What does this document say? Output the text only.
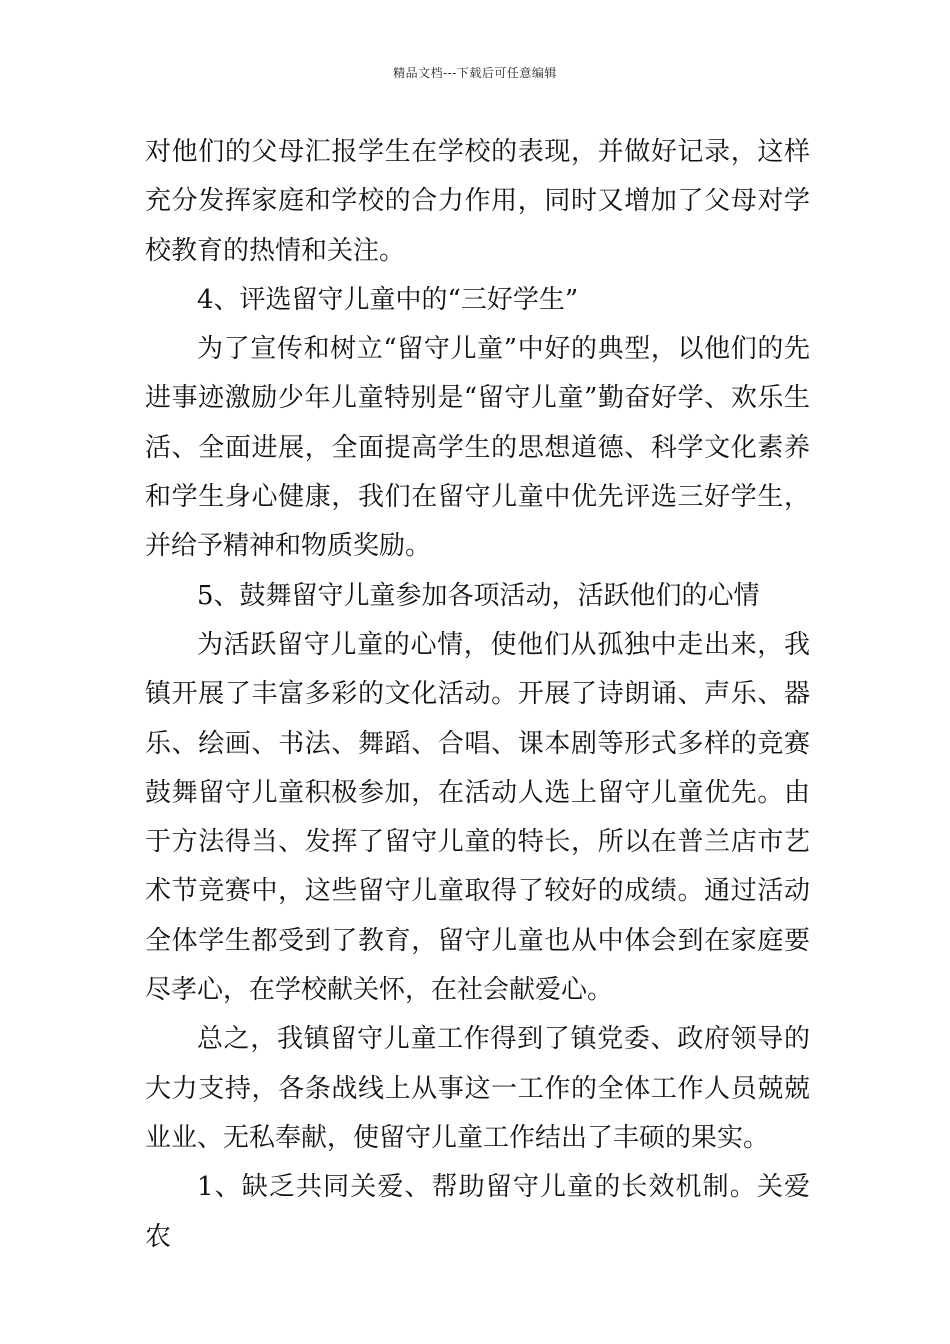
精品文档---下载后可任意编辑

对他们的父母汇报学生在学校的表现，并做好记录，这样充分发挥家庭和学校的合力作用，同时又增加了父母对学校教育的热情和关注。

4、评选留守儿童中的“三好学生”

为了宣传和树立“留守儿童”中好的典型，以他们的先进事迹激励少年儿童特别是“留守儿童”勤奋好学、欢乐生活、全面进展，全面提高学生的思想道德、科学文化素养和学生身心健康，我们在留守儿童中优先评选三好学生，并给予精神和物质奖励。

5、鼓舞留守儿童参加各项活动，活跃他们的心情

为活跃留守儿童的心情，使他们从孤独中走出来，我镇开展了丰富多彩的文化活动。开展了诗朗诵、声乐、器乐、绘画、书法、舞蹈、合唱、课本剧等形式多样的竞赛鼓舞留守儿童积极参加，在活动人选上留守儿童优先。由于方法得当、发挥了留守儿童的特长，所以在普兰店市艺术节竞赛中，这些留守儿童取得了较好的成绩。通过活动全体学生都受到了教育，留守儿童也从中体会到在家庭要尽孝心，在学校献关怀，在社会献爱心。

总之，我镇留守儿童工作得到了镇党委、政府领导的大力支持，各条战线上从事这一工作的全体工作人员兢兢业业、无私奉献，使留守儿童工作结出了丰硕的果实。

1、缺乏共同关爱、帮助留守儿童的长效机制。关爱农
